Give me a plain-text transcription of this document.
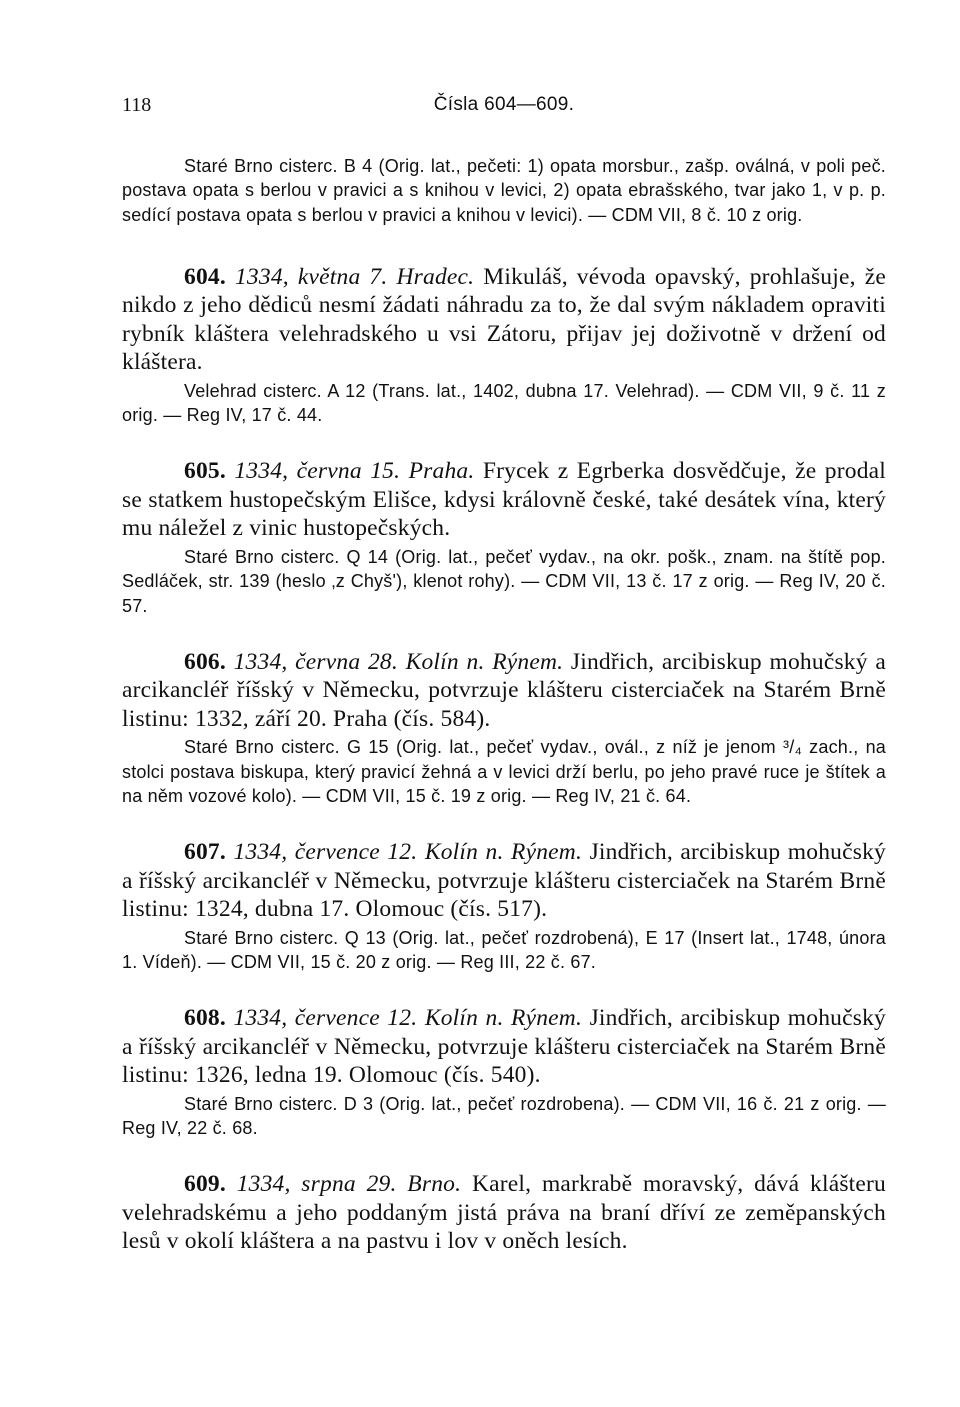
118	Čísla 604—609.

Staré Brno cisterc. B 4 (Orig. lat., pečeti: 1) opata morsbur., zašp. oválná, v poli peč. postava opata s berlou v pravici a s knihou v levici, 2) opata ebrašského, tvar jako 1, v p. p. sedící postava opata s berlou v pravici a knihou v levici). — CDM VII, 8 č. 10 z orig.

604. 1334, května 7. Hradec. Mikuláš, vévoda opavský, prohlašuje, že nikdo z jeho dědiců nesmí žádati náhradu za to, že dal svým nákladem opraviti rybník kláštera velehradského u vsi Zátoru, přijav jej doživotně v držení od kláštera.

Velehrad cisterc. A 12 (Trans. lat., 1402, dubna 17. Velehrad). — CDM VII, 9 č. 11 z orig. — Reg IV, 17 č. 44.

605. 1334, června 15. Praha. Frycek z Egrberka dosvědčuje, že prodal se statkem hustopečským Elišce, kdysi královně české, také desátek vína, který mu náležel z vinic hustopečských.

Staré Brno cisterc. Q 14 (Orig. lat., pečeť vydav., na okr. pošk., znam. na štítě pop. Sedláček, str. 139 (heslo ‚z Chyš'), klenot rohy). — CDM VII, 13 č. 17 z orig. — Reg IV, 20 č. 57.

606. 1334, června 28. Kolín n. Rýnem. Jindřich, arcibiskup mohučský a arcikancléř říšský v Německu, potvrzuje klášteru cisterciaček na Starém Brně listinu: 1332, září 20. Praha (čís. 584).

Staré Brno cisterc. G 15 (Orig. lat., pečeť vydav., ovál., z níž je jenom ³/₄ zach., na stolci postava biskupa, který pravicí žehná a v levici drží berlu, po jeho pravé ruce je štítek a na něm vozové kolo). — CDM VII, 15 č. 19 z orig. — Reg IV, 21 č. 64.

607. 1334, července 12. Kolín n. Rýnem. Jindřich, arcibiskup mohučský a říšský arcikancléř v Německu, potvrzuje klášteru cisterciaček na Starém Brně listinu: 1324, dubna 17. Olomouc (čís. 517).

Staré Brno cisterc. Q 13 (Orig. lat., pečeť rozdrobená), E 17 (Insert lat., 1748, února 1. Vídeň). — CDM VII, 15 č. 20 z orig. — Reg III, 22 č. 67.

608. 1334, července 12. Kolín n. Rýnem. Jindřich, arcibiskup mohučský a říšský arcikancléř v Německu, potvrzuje klášteru cisterciaček na Starém Brně listinu: 1326, ledna 19. Olomouc (čís. 540).

Staré Brno cisterc. D 3 (Orig. lat., pečeť rozdrobena). — CDM VII, 16 č. 21 z orig. — Reg IV, 22 č. 68.

609. 1334, srpna 29. Brno. Karel, markrabě moravský, dává klášteru velehradskému a jeho poddaným jistá práva na braní dříví ze zeměpanských lesů v okolí kláštera a na pastvu i lov v oněch lesích.
